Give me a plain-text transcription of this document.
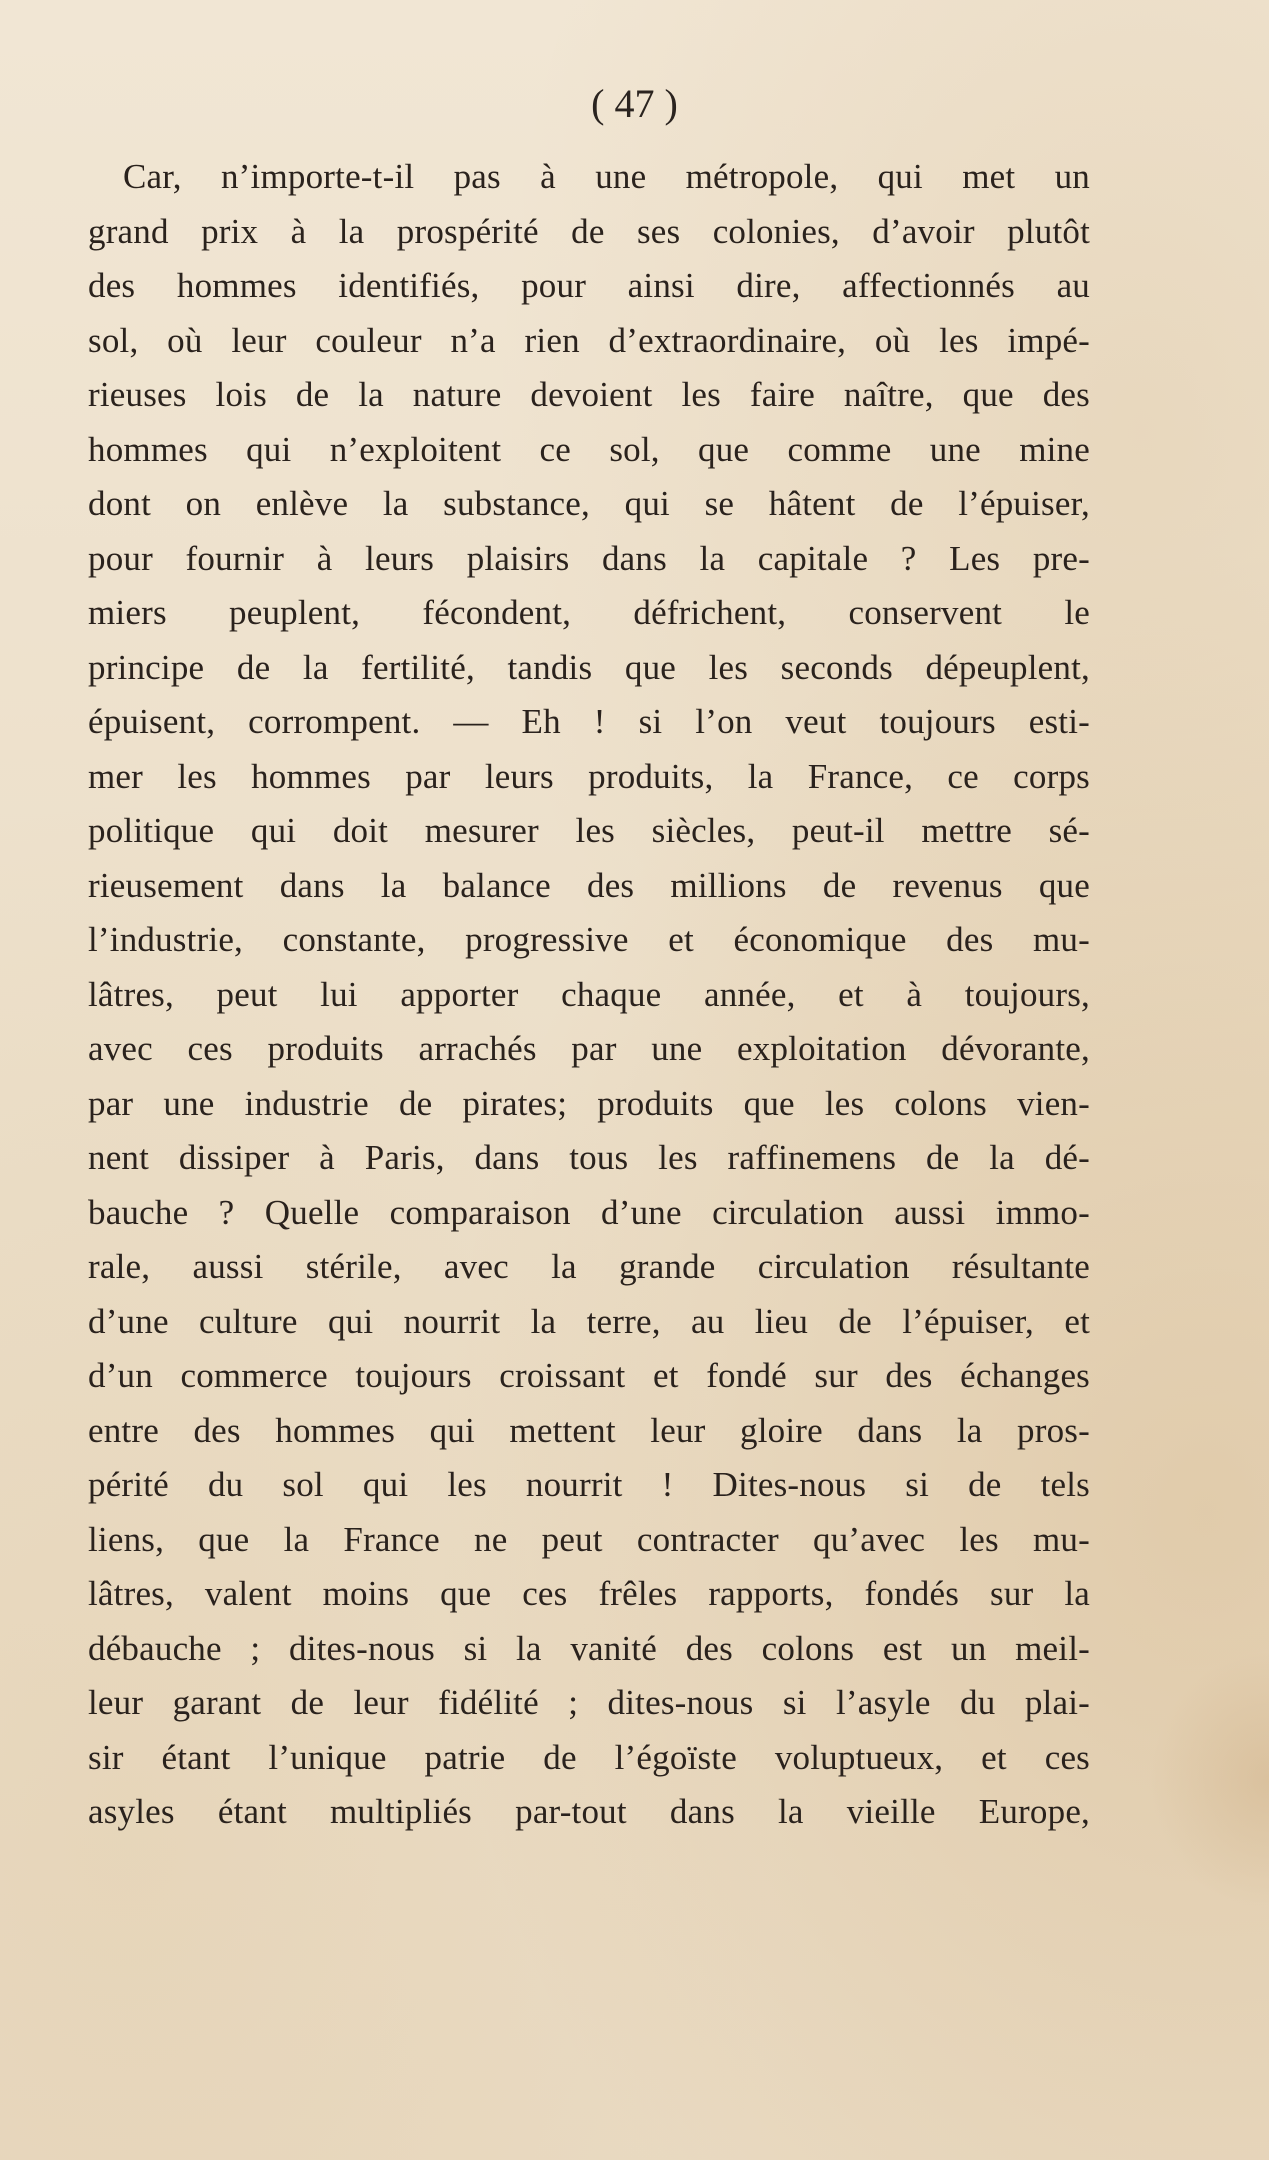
( 47 )
Car, n’importe-t-il pas à une métropole, qui met un
grand prix à la prospérité de ses colonies, d’avoir plutôt
des hommes identifiés, pour ainsi dire, affectionnés au
sol, où leur couleur n’a rien d’extraordinaire, où les impé-
rieuses lois de la nature devoient les faire naître, que des
hommes qui n’exploitent ce sol, que comme une mine
dont on enlève la substance, qui se hâtent de l’épuiser,
pour fournir à leurs plaisirs dans la capitale ? Les pre-
miers peuplent, fécondent, défrichent, conservent le
principe de la fertilité, tandis que les seconds dépeuplent,
épuisent, corrompent. — Eh ! si l’on veut toujours esti-
mer les hommes par leurs produits, la France, ce corps
politique qui doit mesurer les siècles, peut-il mettre sé-
rieusement dans la balance des millions de revenus que
l’industrie, constante, progressive et économique des mu-
lâtres, peut lui apporter chaque année, et à toujours,
avec ces produits arrachés par une exploitation dévorante,
par une industrie de pirates; produits que les colons vien-
nent dissiper à Paris, dans tous les raffinemens de la dé-
bauche ? Quelle comparaison d’une circulation aussi immo-
rale, aussi stérile, avec la grande circulation résultante
d’une culture qui nourrit la terre, au lieu de l’épuiser, et
d’un commerce toujours croissant et fondé sur des échanges
entre des hommes qui mettent leur gloire dans la pros-
périté du sol qui les nourrit ! Dites-nous si de tels
liens, que la France ne peut contracter qu’avec les mu-
lâtres, valent moins que ces frêles rapports, fondés sur la
débauche ; dites-nous si la vanité des colons est un meil-
leur garant de leur fidélité ; dites-nous si l’asyle du plai-
sir étant l’unique patrie de l’égoïste voluptueux, et ces
asyles étant multipliés par-tout dans la vieille Europe,
